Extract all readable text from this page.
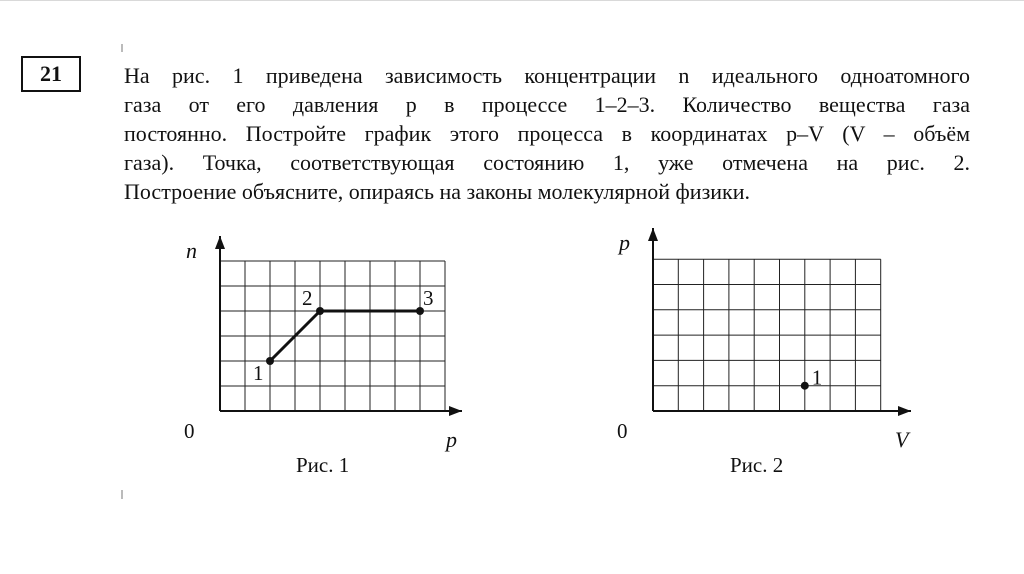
21	На рис. 1 приведена зависимость концентрации n идеального одноатомного
газа от его давления p в процессе 1–2–3. Количество вещества газа
постоянно. Постройте график этого процесса в координатах p–V (V – объём
газа). Точка, соответствующая состоянию 1, уже отмечена на рис. 2.
Построение объясните, опираясь на законы молекулярной физики.

n
p
0
1
2	3
Рис. 1
p
V
0
1
Рис. 2
